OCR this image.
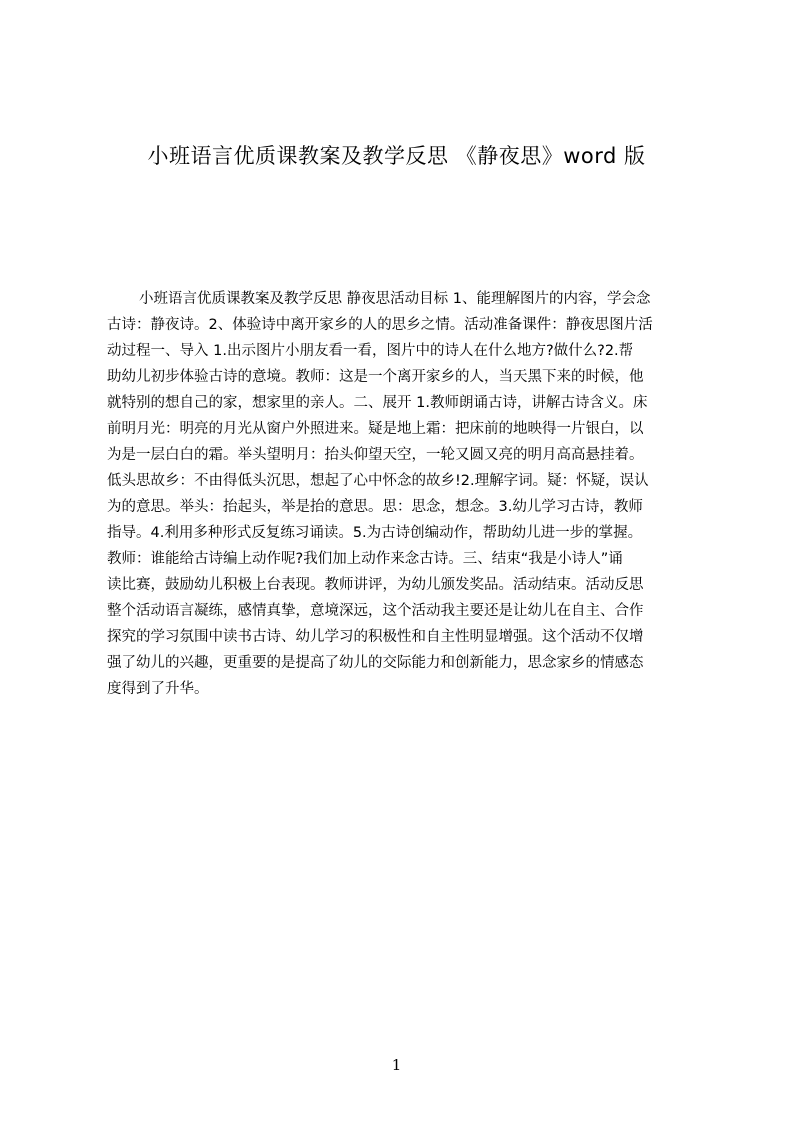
小班语言优质课教案及教学反思 《静夜思》word 版
小班语言优质课教案及教学反思 静夜思活动目标 1、能理解图片的内容，学会念
古诗：静夜诗。2、体验诗中离开家乡的人的思乡之情。活动准备课件：静夜思图片活
动过程一、导入 1.出示图片小朋友看一看，图片中的诗人在什么地方?做什么?2.帮
助幼儿初步体验古诗的意境。教师：这是一个离开家乡的人，当天黑下来的时候，他
就特别的想自己的家，想家里的亲人。二、展开 1.教师朗诵古诗，讲解古诗含义。床
前明月光：明亮的月光从窗户外照进来。疑是地上霜：把床前的地映得一片银白，以
为是一层白白的霜。举头望明月：抬头仰望天空，一轮又圆又亮的明月高高悬挂着。
低头思故乡：不由得低头沉思，想起了心中怀念的故乡!2.理解字词。疑：怀疑，误认
为的意思。举头：抬起头，举是抬的意思。思：思念，想念。3.幼儿学习古诗，教师
指导。4.利用多种形式反复练习诵读。5.为古诗创编动作，帮助幼儿进一步的掌握。
教师：谁能给古诗编上动作呢?我们加上动作来念古诗。三、结束“我是小诗人”诵
读比赛，鼓励幼儿积极上台表现。教师讲评，为幼儿颁发奖品。活动结束。活动反思
整个活动语言凝练，感情真挚，意境深远，这个活动我主要还是让幼儿在自主、合作
探究的学习氛围中读书古诗、幼儿学习的积极性和自主性明显增强。这个活动不仅增
强了幼儿的兴趣，更重要的是提高了幼儿的交际能力和创新能力，思念家乡的情感态
度得到了升华。
1
